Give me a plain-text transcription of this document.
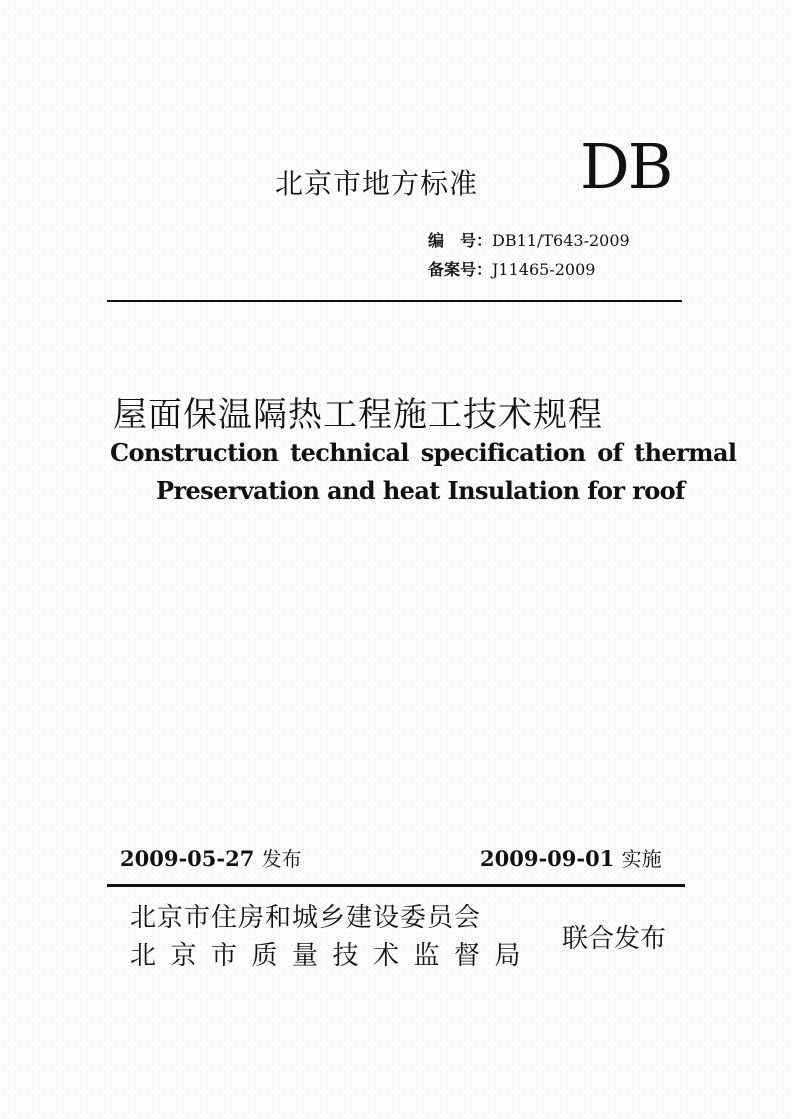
北京市地方标准 DB
编　号：DB11/T643-2009
备案号：J11465-2009
屋面保温隔热工程施工技术规程
Construction technical specification of thermal
Preservation and heat Insulation for roof
2009-05-27 发布	2009-09-01 实施
北京市住房和城乡建设委员会
北京市质量技术监督局
联合发布
